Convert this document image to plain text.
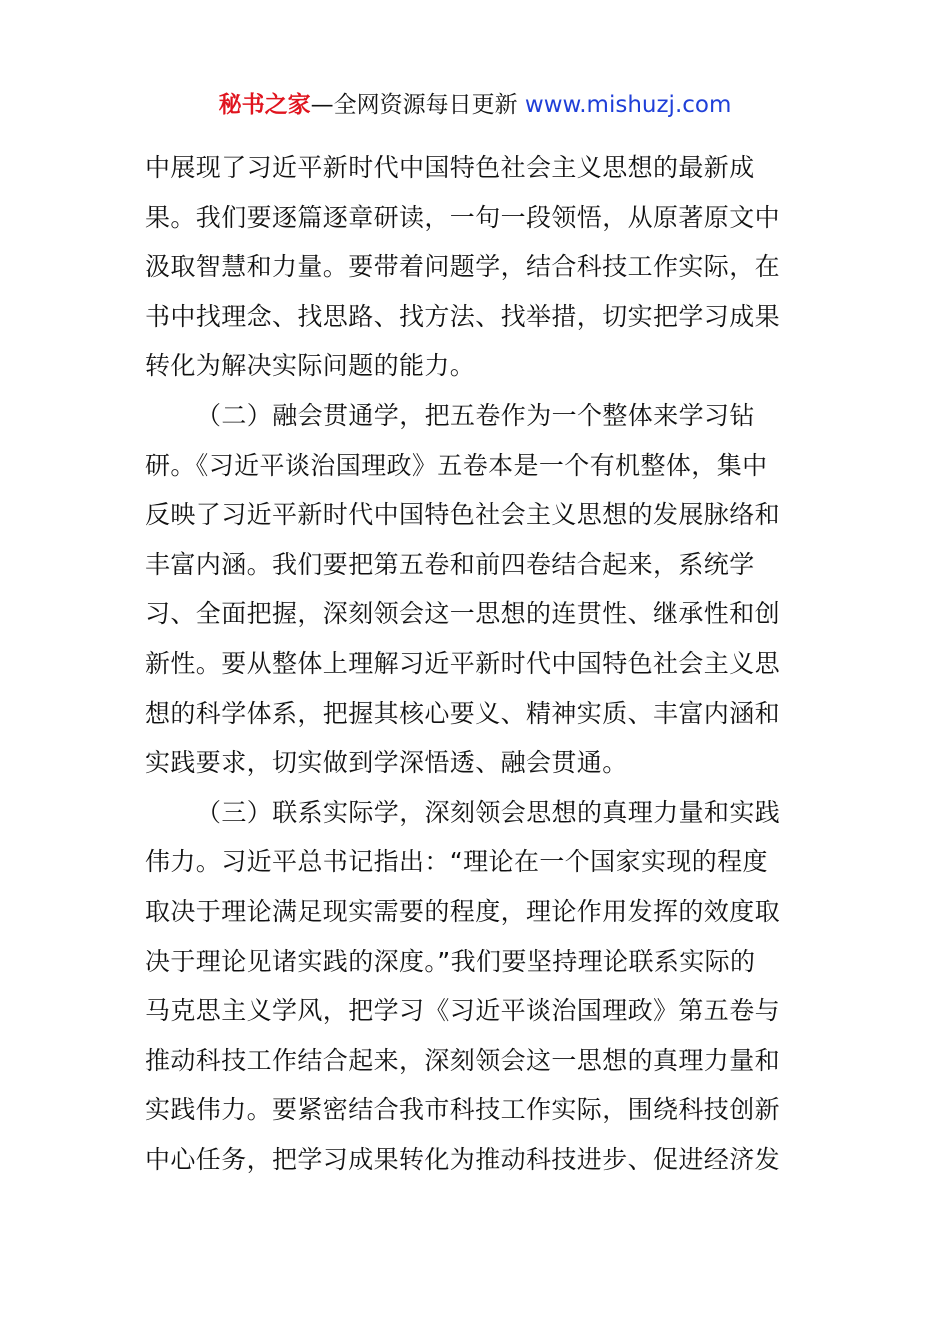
秘书之家—全网资源每日更新 www.mishuzj.com

中展现了习近平新时代中国特色社会主义思想的最新成
果。我们要逐篇逐章研读，一句一段领悟，从原著原文中
汲取智慧和力量。要带着问题学，结合科技工作实际，在
书中找理念、找思路、找方法、找举措，切实把学习成果
转化为解决实际问题的能力。

（二）融会贯通学，把五卷作为一个整体来学习钻
研。《习近平谈治国理政》五卷本是一个有机整体，集中
反映了习近平新时代中国特色社会主义思想的发展脉络和
丰富内涵。我们要把第五卷和前四卷结合起来，系统学
习、全面把握，深刻领会这一思想的连贯性、继承性和创
新性。要从整体上理解习近平新时代中国特色社会主义思
想的科学体系，把握其核心要义、精神实质、丰富内涵和
实践要求，切实做到学深悟透、融会贯通。

（三）联系实际学，深刻领会思想的真理力量和实践
伟力。习近平总书记指出：“理论在一个国家实现的程度
取决于理论满足现实需要的程度，理论作用发挥的效度取
决于理论见诸实践的深度。”我们要坚持理论联系实际的
马克思主义学风，把学习《习近平谈治国理政》第五卷与
推动科技工作结合起来，深刻领会这一思想的真理力量和
实践伟力。要紧密结合我市科技工作实际，围绕科技创新
中心任务，把学习成果转化为推动科技进步、促进经济发
